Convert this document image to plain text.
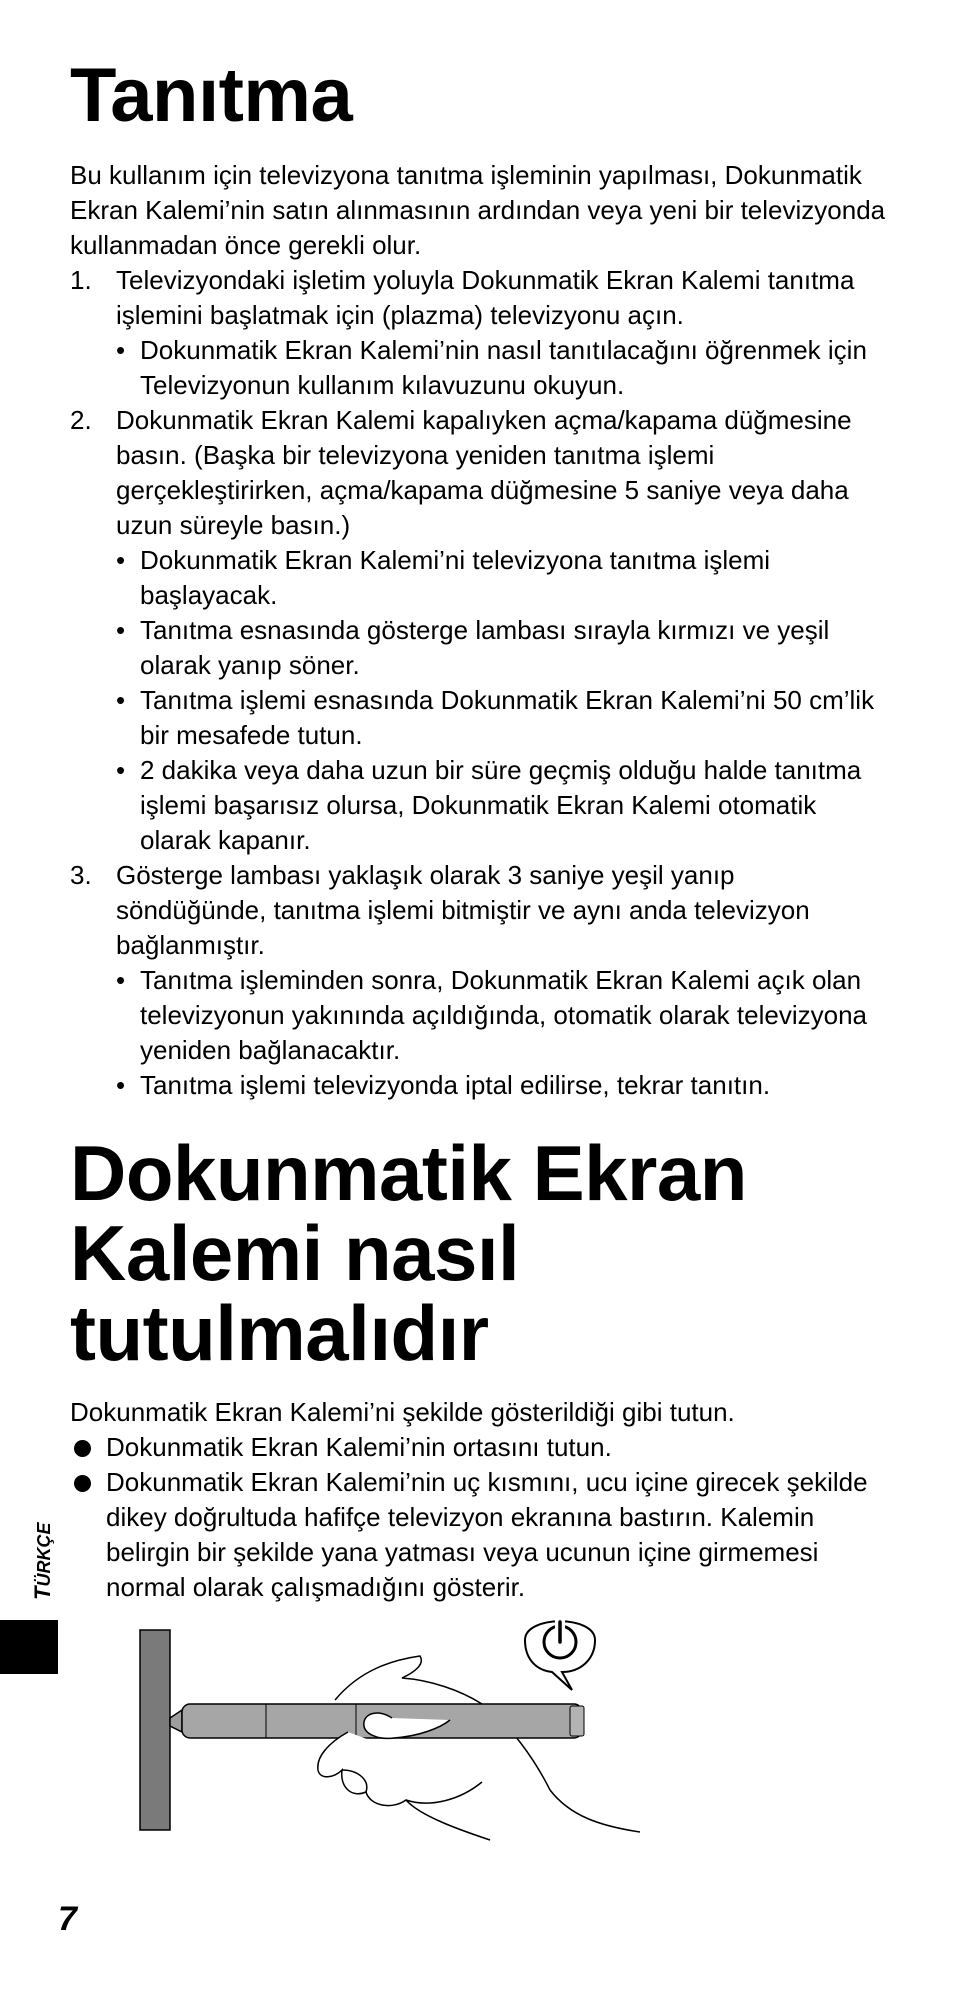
Tanıtma

Bu kullanım için televizyona tanıtma işleminin yapılması, Dokunmatik Ekran Kalemi’nin satın alınmasının ardından veya yeni bir televizyonda kullanmadan önce gerekli olur.

1. Televizyondaki işletim yoluyla Dokunmatik Ekran Kalemi tanıtma işlemini başlatmak için (plazma) televizyonu açın.
• Dokunmatik Ekran Kalemi’nin nasıl tanıtılacağını öğrenmek için Televizyonun kullanım kılavuzunu okuyun.
2. Dokunmatik Ekran Kalemi kapalıyken açma/kapama düğmesine basın. (Başka bir televizyona yeniden tanıtma işlemi gerçekleştirirken, açma/kapama düğmesine 5 saniye veya daha uzun süreyle basın.)
• Dokunmatik Ekran Kalemi’ni televizyona tanıtma işlemi başlayacak.
• Tanıtma esnasında gösterge lambası sırayla kırmızı ve yeşil olarak yanıp söner.
• Tanıtma işlemi esnasında Dokunmatik Ekran Kalemi’ni 50 cm’lik bir mesafede tutun.
• 2 dakika veya daha uzun bir süre geçmiş olduğu halde tanıtma işlemi başarısız olursa, Dokunmatik Ekran Kalemi otomatik olarak kapanır.
3. Gösterge lambası yaklaşık olarak 3 saniye yeşil yanıp söndüğünde, tanıtma işlemi bitmiştir ve aynı anda televizyon bağlanmıştır.
• Tanıtma işleminden sonra, Dokunmatik Ekran Kalemi açık olan televizyonun yakınında açıldığında, otomatik olarak televizyona yeniden bağlanacaktır.
• Tanıtma işlemi televizyonda iptal edilirse, tekrar tanıtın.
Dokunmatik Ekran
Kalemi nasıl
tutulmalıdır

Dokunmatik Ekran Kalemi’ni şekilde gösterildiği gibi tutun.

Dokunmatik Ekran Kalemi’nin ortasını tutun.
Dokunmatik Ekran Kalemi’nin uç kısmını, ucu içine girecek şekilde dikey doğrultuda hafifçe televizyon ekranına bastırın. Kalemin belirgin bir şekilde yana yatması veya ucunun içine girmemesi normal olarak çalışmadığını gösterir.
TÜRKÇE
7
